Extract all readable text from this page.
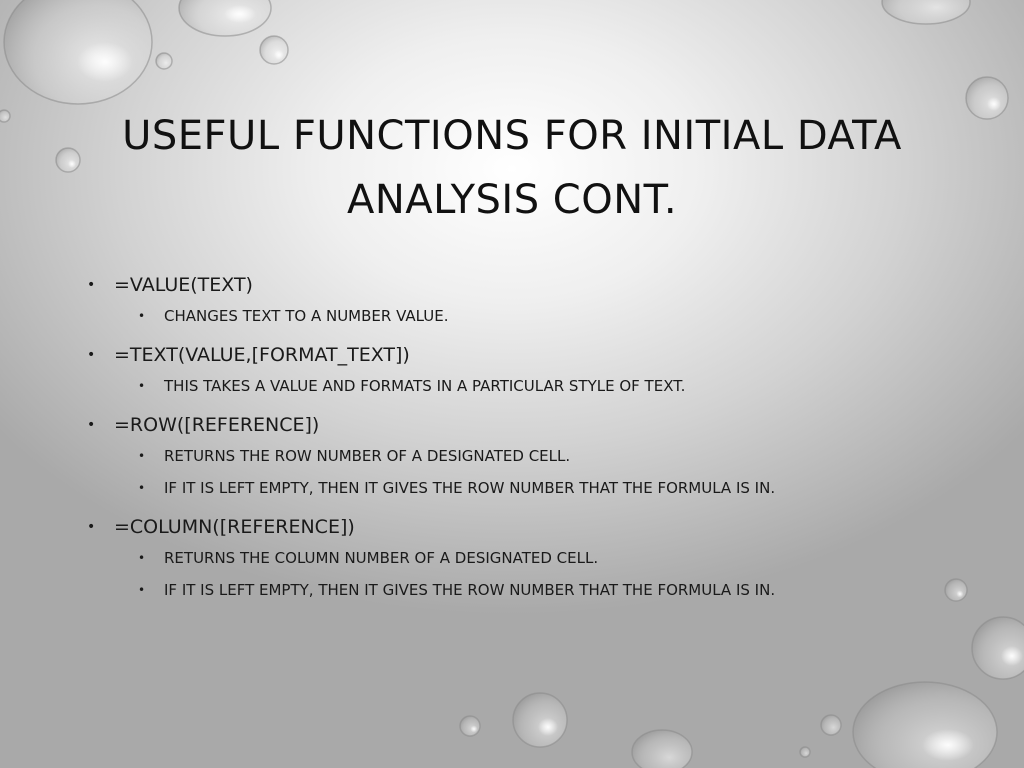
USEFUL FUNCTIONS FOR INITIAL DATA
ANALYSIS CONT.
• =VALUE(TEXT)
• CHANGES TEXT TO A NUMBER VALUE.
• =TEXT(VALUE,[FORMAT_TEXT])
• THIS TAKES A VALUE AND FORMATS IN A PARTICULAR STYLE OF TEXT.
• =ROW([REFERENCE])
• RETURNS THE ROW NUMBER OF A DESIGNATED CELL.
• IF IT IS LEFT EMPTY, THEN IT GIVES THE ROW NUMBER THAT THE FORMULA IS IN.
• =COLUMN([REFERENCE])
• RETURNS THE COLUMN NUMBER OF A DESIGNATED CELL.
• IF IT IS LEFT EMPTY, THEN IT GIVES THE ROW NUMBER THAT THE FORMULA IS IN.
